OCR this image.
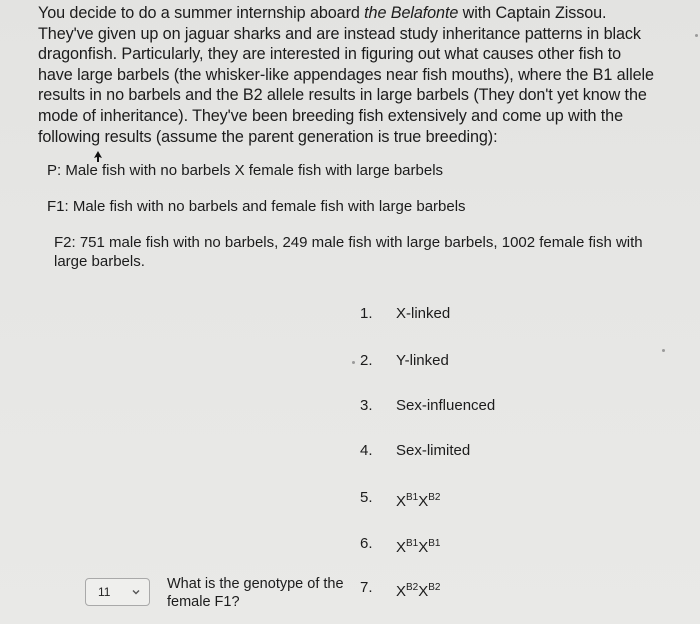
You decide to do a summer internship aboard the Belafonte with Captain Zissou. They've given up on jaguar sharks and are instead study inheritance patterns in black dragonfish. Particularly, they are interested in figuring out what causes other fish to have large barbels (the whisker-like appendages near fish mouths), where the B1 allele results in no barbels and the B2 allele results in large barbels (They don't yet know the mode of inheritance). They've been breeding fish extensively and come up with the following results (assume the parent generation is true breeding):
P: Male fish with no barbels X female fish with large barbels
F1: Male fish with no barbels and female fish with large barbels
F2: 751 male fish with no barbels, 249 male fish with large barbels, 1002 female fish with large barbels.
1.	X-linked
2.	Y-linked
3.	Sex-influenced
4.	Sex-limited
5.	$X^{B1}X^{B2}$
6.	$X^{B1}X^{B1}$
7.	$X^{B2}X^{B2}$
11	What is the genotype of the female F1?
